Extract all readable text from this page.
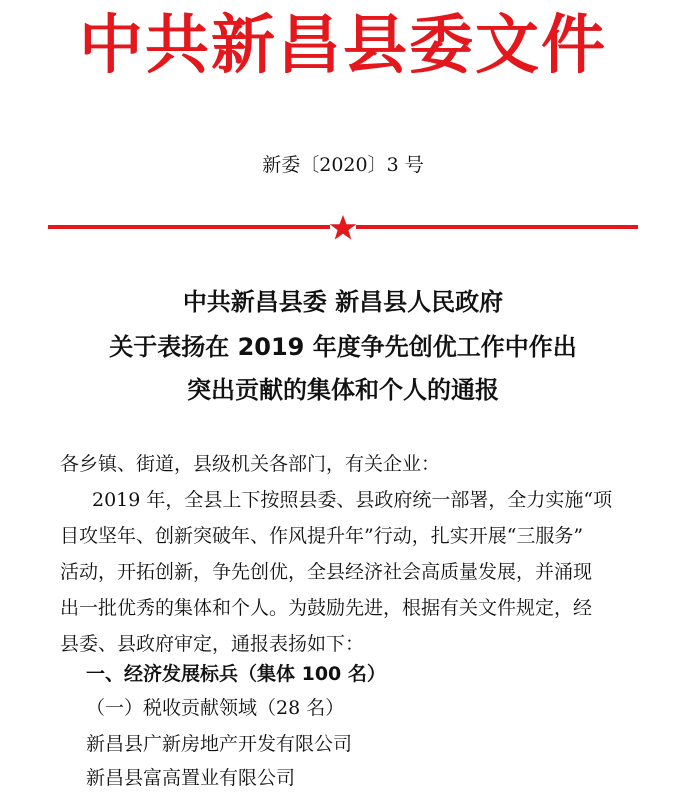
中共新昌县委文件
新委〔2020〕3 号
中共新昌县委 新昌县人民政府
关于表扬在 2019 年度争先创优工作中作出
突出贡献的集体和个人的通报
各乡镇、街道，县级机关各部门，有关企业：
2019 年，全县上下按照县委、县政府统一部署，全力实施“项
目攻坚年、创新突破年、作风提升年”行动，扎实开展“三服务”
活动，开拓创新，争先创优，全县经济社会高质量发展，并涌现
出一批优秀的集体和个人。为鼓励先进，根据有关文件规定，经
县委、县政府审定，通报表扬如下：
一、经济发展标兵（集体 100 名）
（一）税收贡献领域（28 名）
新昌县广新房地产开发有限公司
新昌县富高置业有限公司
